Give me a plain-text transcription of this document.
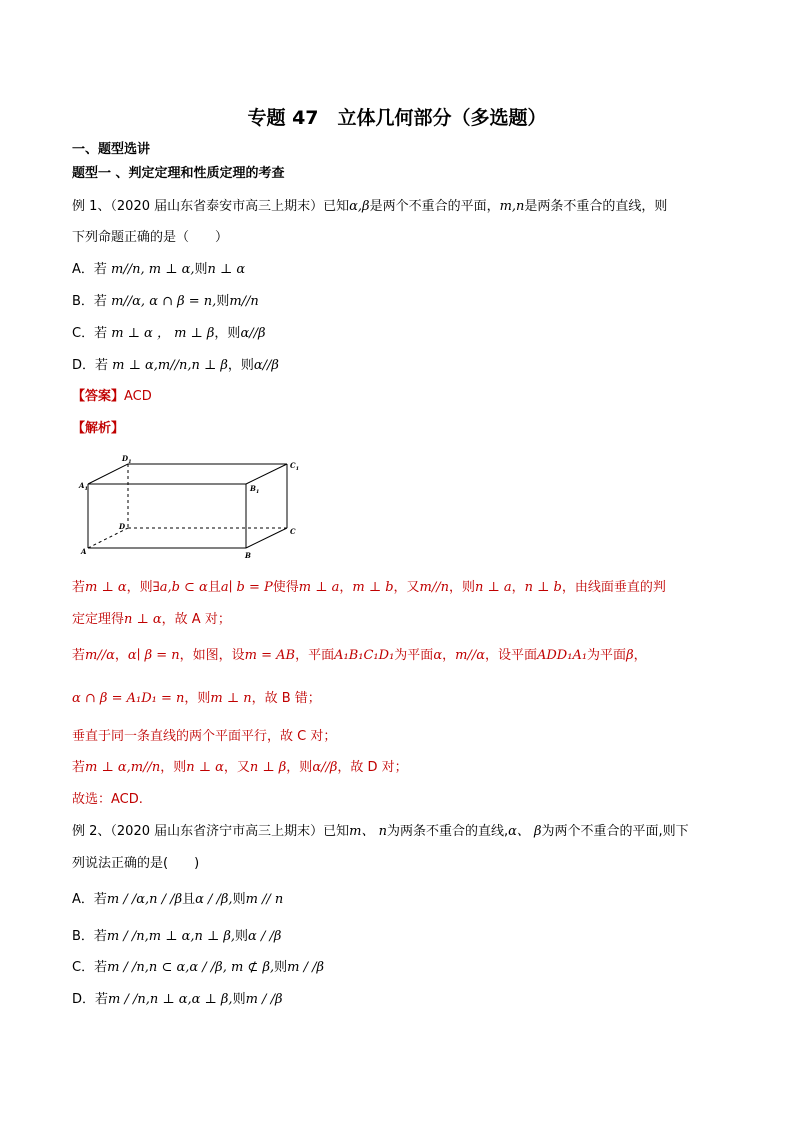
专题 47　立体几何部分（多选题）
一、题型选讲
题型一 、判定定理和性质定理的考查
例 1、（2020 届山东省泰安市高三上期末）已知α,β是两个不重合的平面，m,n是两条不重合的直线，则
下列命题正确的是（　　）
A．若 m//n, m ⊥ α,则n ⊥ α
B．若 m//α, α ∩ β = n,则m//n
C．若 m ⊥ α ， m ⊥ β，则α//β
D．若 m ⊥ α,m//n,n ⊥ β，则α//β
【答案】ACD
【解析】
$A_1$	$B_1$
$C_1$
$D_1$
A	B
C
D
若m ⊥ α，则∃a,b ⊂ α且a∣ b = P使得m ⊥ a，m ⊥ b，又m//n，则n ⊥ a，n ⊥ b，由线面垂直的判
定定理得n ⊥ α，故 A 对；
若m//α，α∣ β = n，如图，设m = AB，平面A₁B₁C₁D₁为平面α，m//α，设平面ADD₁A₁为平面β，
α ∩ β = A₁D₁ = n，则m ⊥ n，故 B 错；
垂直于同一条直线的两个平面平行，故 C 对；
若m ⊥ α,m//n，则n ⊥ α，又n ⊥ β，则α//β，故 D 对；
故选：ACD.
例 2、（2020 届山东省济宁市高三上期末）已知m、 n为两条不重合的直线,α、 β为两个不重合的平面,则下
列说法正确的是(　　)
A．若m / /α,n / /β且α / /β,则m // n
B．若m / /n,m ⊥ α,n ⊥ β,则α / /β
C．若m / /n,n ⊂ α,α / /β, m ⊄ β,则m / /β
D．若m / /n,n ⊥ α,α ⊥ β,则m / /β
